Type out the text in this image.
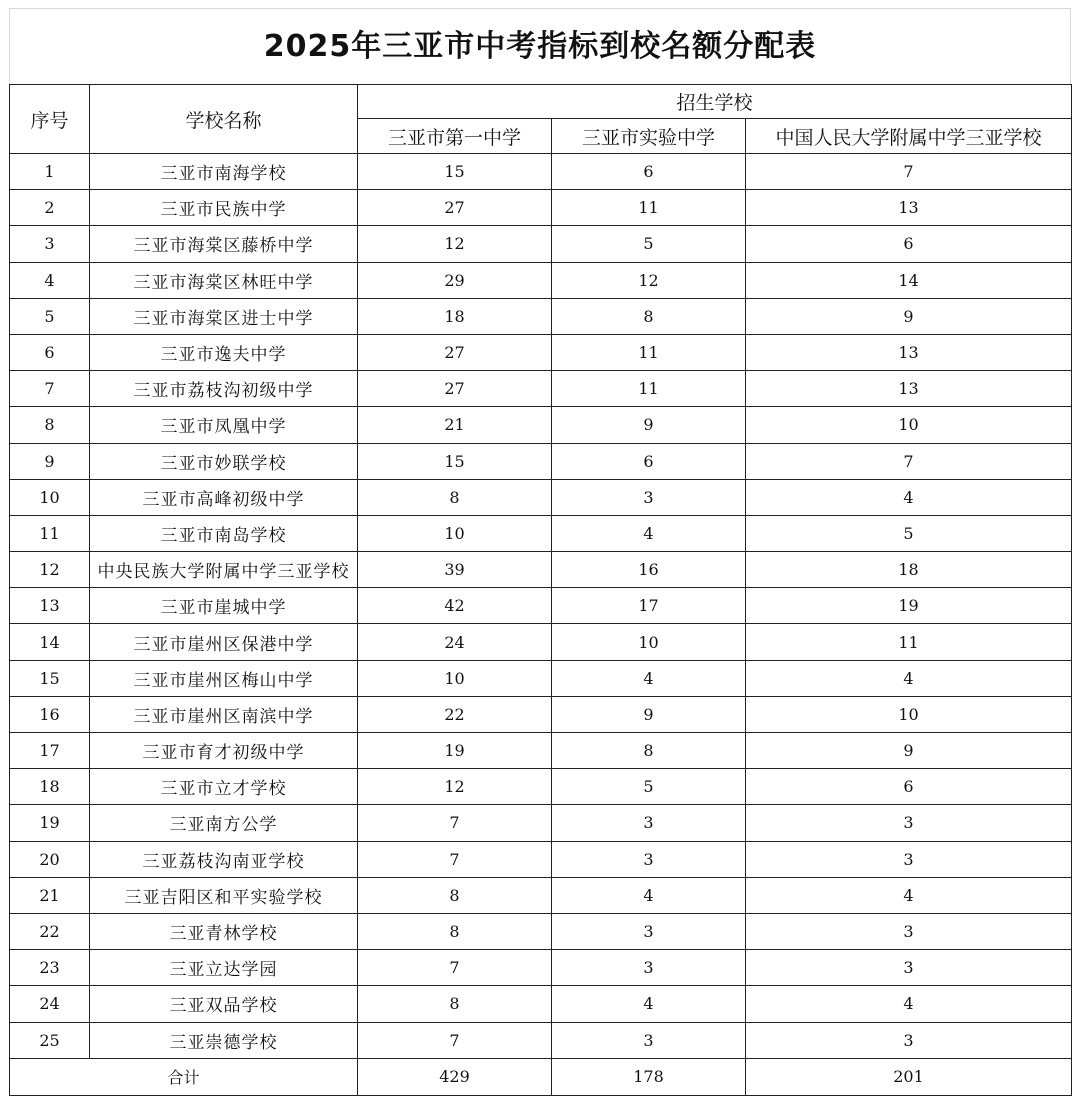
2025年三亚市中考指标到校名额分配表
序号	学校名称	招生学校		
		三亚市第一中学	三亚市实验中学	中国人民大学附属中学三亚学校
1	三亚市南海学校	15	6	7
2	三亚市民族中学	27	11	13
3	三亚市海棠区藤桥中学	12	5	6
4	三亚市海棠区林旺中学	29	12	14
5	三亚市海棠区进士中学	18	8	9
6	三亚市逸夫中学	27	11	13
7	三亚市荔枝沟初级中学	27	11	13
8	三亚市凤凰中学	21	9	10
9	三亚市妙联学校	15	6	7
10	三亚市高峰初级中学	8	3	4
11	三亚市南岛学校	10	4	5
12	中央民族大学附属中学三亚学校	39	16	18
13	三亚市崖城中学	42	17	19
14	三亚市崖州区保港中学	24	10	11
15	三亚市崖州区梅山中学	10	4	4
16	三亚市崖州区南滨中学	22	9	10
17	三亚市育才初级中学	19	8	9
18	三亚市立才学校	12	5	6
19	三亚南方公学	7	3	3
20	三亚荔枝沟南亚学校	7	3	3
21	三亚吉阳区和平实验学校	8	4	4
22	三亚青林学校	8	3	3
23	三亚立达学园	7	3	3
24	三亚双品学校	8	4	4
25	三亚崇德学校	7	3	3
合计		429	178	201
